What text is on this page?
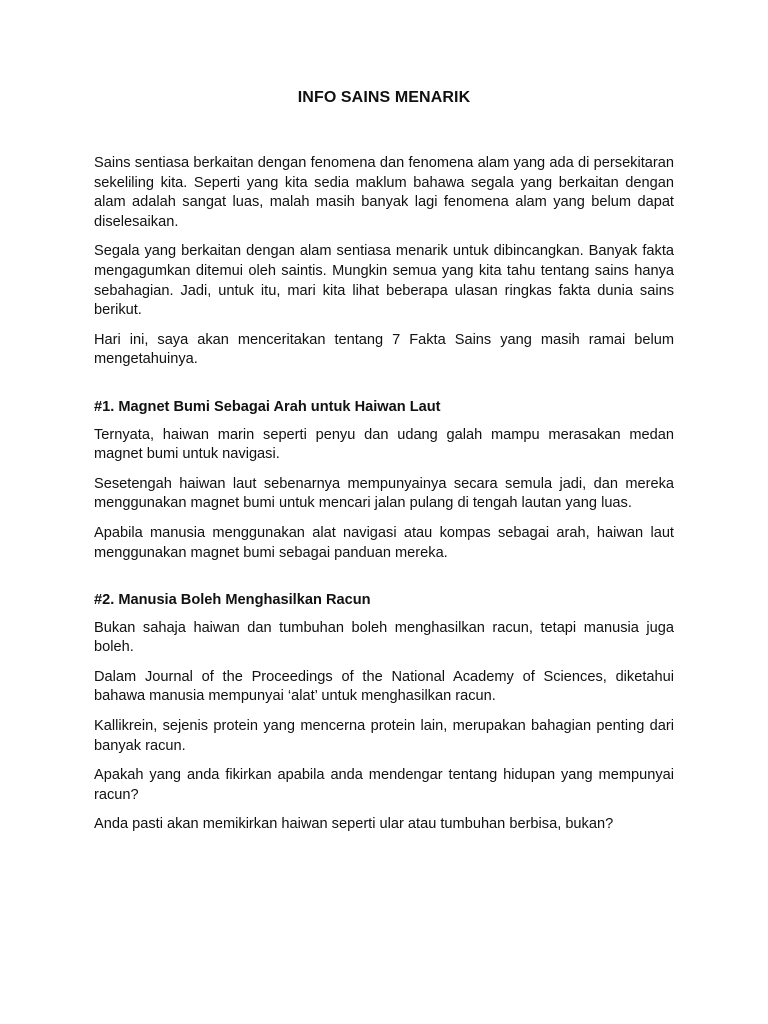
INFO SAINS MENARIK

Sains sentiasa berkaitan dengan fenomena dan fenomena alam yang ada di persekitaran sekeliling kita. Seperti yang kita sedia maklum bahawa segala yang berkaitan dengan alam adalah sangat luas, malah masih banyak lagi fenomena alam yang belum dapat diselesaikan.

Segala yang berkaitan dengan alam sentiasa menarik untuk dibincangkan. Banyak fakta mengagumkan ditemui oleh saintis. Mungkin semua yang kita tahu tentang sains hanya sebahagian. Jadi, untuk itu, mari kita lihat beberapa ulasan ringkas fakta dunia sains berikut.

Hari ini, saya akan menceritakan tentang 7 Fakta Sains yang masih ramai belum mengetahuinya.

#1. Magnet Bumi Sebagai Arah untuk Haiwan Laut

Ternyata, haiwan marin seperti penyu dan udang galah mampu merasakan medan magnet bumi untuk navigasi.

Sesetengah haiwan laut sebenarnya mempunyainya secara semula jadi, dan mereka menggunakan magnet bumi untuk mencari jalan pulang di tengah lautan yang luas.

Apabila manusia menggunakan alat navigasi atau kompas sebagai arah, haiwan laut menggunakan magnet bumi sebagai panduan mereka.

#2. Manusia Boleh Menghasilkan Racun

Bukan sahaja haiwan dan tumbuhan boleh menghasilkan racun, tetapi manusia juga boleh.

Dalam Journal of the Proceedings of the National Academy of Sciences, diketahui bahawa manusia mempunyai ‘alat’ untuk menghasilkan racun.

Kallikrein, sejenis protein yang mencerna protein lain, merupakan bahagian penting dari banyak racun.

Apakah yang anda fikirkan apabila anda mendengar tentang hidupan yang mempunyai racun?

Anda pasti akan memikirkan haiwan seperti ular atau tumbuhan berbisa, bukan?
